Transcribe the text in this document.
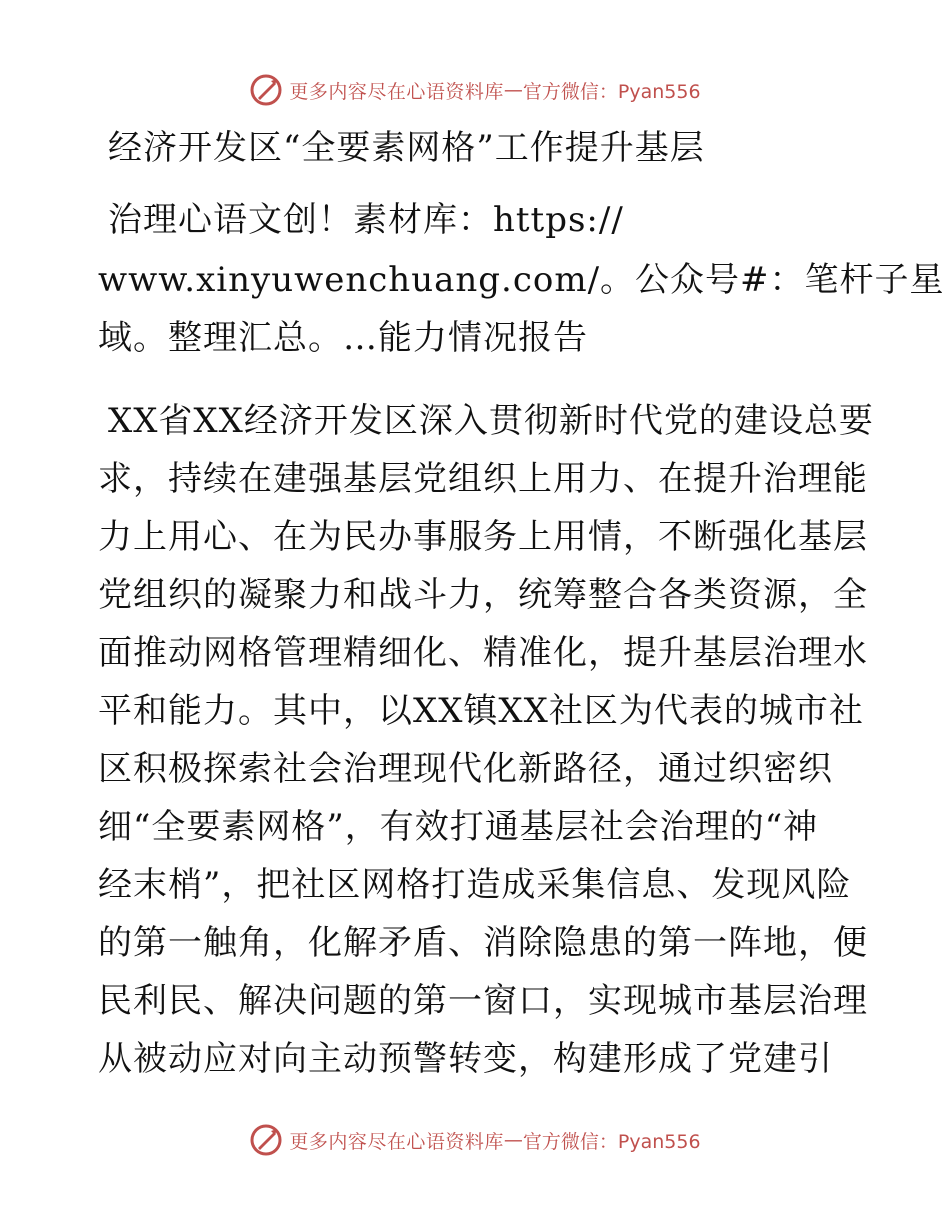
更多内容尽在心语资料库 — 官方微信：Pyan556
经济开发区“全要素网格”工作提升基层
治理心语文创！素材库：https://
www.xinyuwenchuang.com/。公众号#：笔杆子星
域。整理汇总。…能力情况报告
XX省XX经济开发区深入贯彻新时代党的建设总要
求，持续在建强基层党组织上用力、在提升治理能
力上用心、在为民办事服务上用情，不断强化基层
党组织的凝聚力和战斗力，统筹整合各类资源，全
面推动网格管理精细化、精准化，提升基层治理水
平和能力。其中，以XX镇XX社区为代表的城市社
区积极探索社会治理现代化新路径，通过织密织
细“全要素网格”，有效打通基层社会治理的“神
经末梢”，把社区网格打造成采集信息、发现风险
的第一触角，化解矛盾、消除隐患的第一阵地，便
民利民、解决问题的第一窗口，实现城市基层治理
从被动应对向主动预警转变，构建形成了党建引
更多内容尽在心语资料库 — 官方微信：Pyan556
